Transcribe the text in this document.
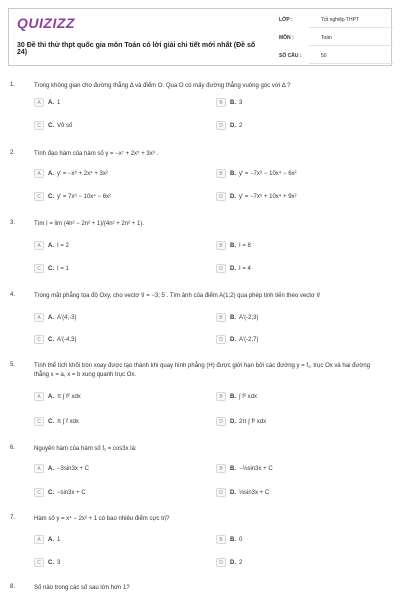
QUIZIZZ
30 Đề thi thử thpt quốc gia môn Toán có lời giải chi tiết mới nhất (Đề số 24)
LỚP :	Tốt nghiệp THPT
MÔN :	Toán
SỐ CÂU :	50
1.	Trong không gian cho đường thẳng Δ và điểm O. Qua O có mấy đường thẳng vuông góc với Δ ?
A	A. 1	B	B. 3
C	C. Vô số	D	D. 2
2.	Tính đạo hàm của hàm số y = −x⁷ + 2x⁵ + 3x³ .
A	A. y' = −x⁶ + 2x⁴ + 3x²	B	B. y' = −7x⁶ − 10x⁴ − 6x²
C	C. y' = 7x⁶ − 10x⁴ − 6x²	D	D. y' = −7x⁶ + 10x⁴ + 9x²
3.	Tìm I = lim (4n² − 2n² + 1)/(4n² + 2n² + 1).
A	A. I = 2	B	B. I = 8
C	C. I = 1	D	D. I = 4
4.	Trong mặt phẳng tọa độ Oxy, cho vectơ v⃗ = −3; 5 . Tìm ảnh của điểm A(1;2) qua phép tịnh tiến theo vectơ v⃗
A	A. A'(4;-3)	B	B. A'(-2;3)
C	C. A'(-4;3)	D	D. A'(-2;7)
5.	Tính thể tích khối tròn xoay được tạo thành khi quay hình phẳng (H) được giới hạn bởi các đường y = f₁, trục Ox và hai đường thẳng x = a, x = b xung quanh trục Ox.
A	A. π ∫ f² xdx	B	B. ∫ f² xdx
C	C. π ∫ f xdx	D	D. 2π ∫ f² xdx
6.	Nguyên hàm của hàm số f₁ = cos3x là:
A	A. −3sin3x + C	B	B. −⅓sin3x + C
C	C. −sin3x + C	D	D. ⅓sin3x + C
7.	Hàm số y = x⁴ − 2x² + 1 có bao nhiêu điểm cực trị?
A	A. 1	B	B. 0
C	C. 3	D	D. 2
8.	Số nào trong các số sau lớn hơn 1?
